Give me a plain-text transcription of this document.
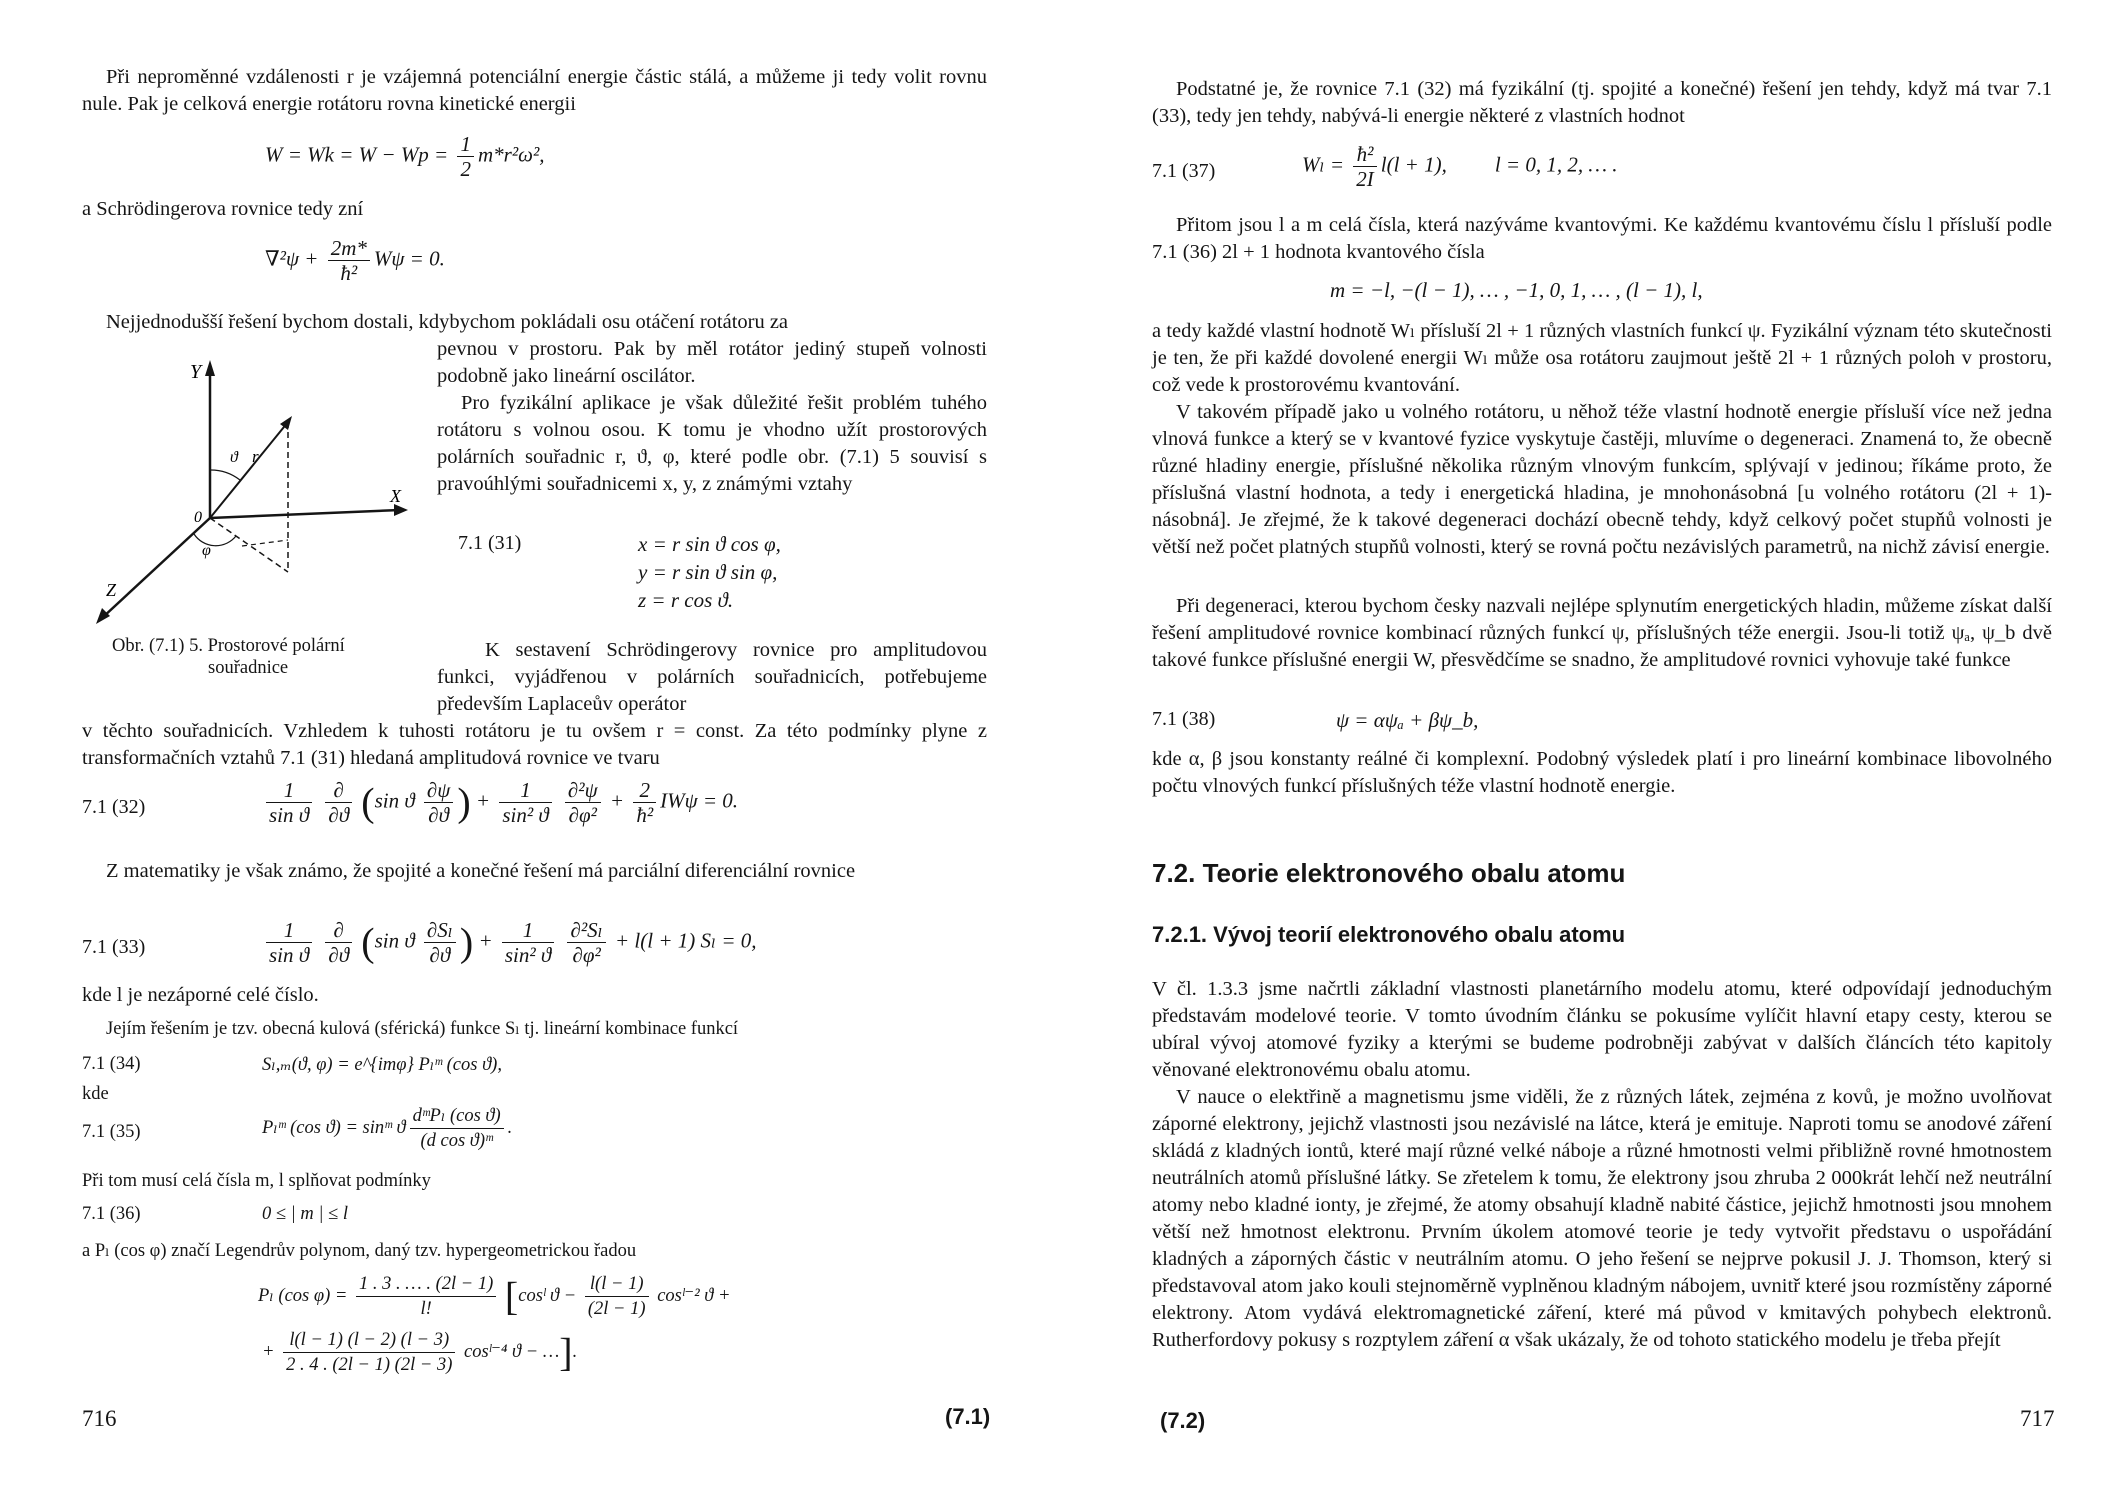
Při neproměnné vzdálenosti r je vzájemná potenciální energie částic stálá, a můžeme ji tedy volit rovnu nule. Pak je celková energie rotátoru rovna kinetické energii
$W = Wk = W - Wp = \frac{1}{2} m*r^2\omega^2$,
a Schrödingerova rovnice tedy zní
$\nabla^2\psi + \frac{2m*}{\text{ħ²}}$ Wψ = 0.
Nejjednodušší řešení bychom dostali, kdybychom pokládali osu otáčení rotátoru za
pevnou v prostoru. Pak by měl rotátor jediný stupeň volnosti podobně jako lineární oscilátor.
Pro fyzikální aplikace je však důležité řešit problém tuhého rotátoru s volnou osou. K tomu je vhodno užít prostorových polárních souřadnic r, ϑ, φ, které podle obr. (7.1) 5 souvisí s pravoúhlými souřadnicemi x, y, z známými vztahy
Y
X
Z
0
r
ϑ
φ	7.1 (31)	x = r sin ϑ cos φ,
y = r sin ϑ sin φ,
z = r cos ϑ.
Obr. (7.1) 5. Prostorové polární
souřadnice
K sestavení Schrödingerovy rovnice pro amplitudovou funkci, vyjádřenou v polárních souřadnicích, potřebujeme především Laplaceův operátor
v těchto souřadnicích. Vzhledem k tuhosti rotátoru je tu ovšem r = const. Za této podmínky plyne z transformačních vztahů 7.1 (31) hledaná amplitudová rovnice ve tvaru
7.1 (32)	$\frac{1}{\text{sin ϑ}}$
$\frac{\partial}{\partial ϑ} (\sin$ ϑ $\frac{\partial\psi}{\partial ϑ}$ ) + $\frac{1}{\text{sin² ϑ}}$
$\frac{\text{∂²ψ}}{\text{∂φ²}} + \frac{2}{\text{ħ²}}$ IWψ = 0.
Z matematiky je však známo, že spojité a konečné řešení má parciální diferenciální rovnice
7.1 (33)	$\frac{1}{\text{sin ϑ}}$
$\frac{\partial}{\partial ϑ} (\sin$ ϑ $\frac{\text{∂Sₗ}}{\partial ϑ}$ ) + $\frac{1}{\text{sin² ϑ}}$
$\frac{\text{∂²Sₗ}}{\text{∂φ²}} + l(l + 1) S_l = 0$,
kde l je nezáporné celé číslo.
Jejím řešením je tzv. obecná kulová (sférická) funkce Sₗ tj. lineární kombinace funkcí
7.1 (34)	Sₗ,ₘ(ϑ, φ) = e^{imφ} Pₗᵐ (cos ϑ),
kde
7.1 (35)	Pₗᵐ (cos ϑ) = sinᵐ ϑ $\frac{\text{dᵐPₗ (cos ϑ)}}{\text{(d cos ϑ)ᵐ}}$ .
Při tom musí celá čísla m, l splňovat podmínky
7.1 (36)	0 ≤ | m | ≤ l
a Pₗ (cos φ) značí Legendrův polynom, daný tzv. hypergeometrickou řadou
Pₗ (cos $\varphi) = \frac{1 . 3 . \dots . (2l - 1)}{l!}$ [cosˡ $ϑ - \frac{l(l - 1)}{(2l - 1)}$ cosˡ⁻² ϑ +
+ $\frac{l(l - 1) (l - 2) (l - 3)}{2 . 4 . (2l - 1) (2l - 3)}$ cosˡ⁻⁴ ϑ − …].
716	(7.1)
Podstatné je, že rovnice 7.1 (32) má fyzikální (tj. spojité a konečné) řešení jen tehdy, když má tvar 7.1 (33), tedy jen tehdy, nabývá-li energie některé z vlastních hodnot
7.1 (37)	$W_l = \frac{\text{ħ²}}{2I} l(l + 1)$, l = 0, 1, 2, … .
Přitom jsou l a m celá čísla, která nazýváme kvantovými. Ke každému kvantovému číslu l přísluší podle 7.1 (36) 2l + 1 hodnota kvantového čísla
m = −l, −(l − 1), … , −1, 0, 1, … , (l − 1), l,
a tedy každé vlastní hodnotě Wₗ přísluší 2l + 1 různých vlastních funkcí ψ. Fyzikální význam této skutečnosti je ten, že při každé dovolené energii Wₗ může osa rotátoru zaujmout ještě 2l + 1 různých poloh v prostoru, což vede k prostorovému kvantování.
V takovém případě jako u volného rotátoru, u něhož téže vlastní hodnotě energie přísluší více než jedna vlnová funkce a který se v kvantové fyzice vyskytuje častěji, mluvíme o degeneraci. Znamená to, že obecně různé hladiny energie, příslušné několika různým vlnovým funkcím, splývají v jedinou; říkáme proto, že příslušná vlastní hodnota, a tedy i energetická hladina, je mnohonásobná [u volného rotátoru (2l + 1)-násobná]. Je zřejmé, že k takové degeneraci dochází obecně tehdy, když celkový počet stupňů volnosti je větší než počet platných stupňů volnosti, který se rovná počtu nezávislých parametrů, na nichž závisí energie.
Při degeneraci, kterou bychom česky nazvali nejlépe splynutím energetických hladin, můžeme získat další řešení amplitudové rovnice kombinací různých funkcí ψ, příslušných téže energii. Jsou-li totiž ψₐ, ψ_b dvě takové funkce příslušné energii W, přesvědčíme se snadno, že amplitudové rovnici vyhovuje také funkce
7.1 (38)	ψ = αψₐ + βψ_b,
kde α, β jsou konstanty reálné či komplexní. Podobný výsledek platí i pro lineární kombinace libovolného počtu vlnových funkcí příslušných téže vlastní hodnotě energie.
7.2. Teorie elektronového obalu atomu
7.2.1. Vývoj teorií elektronového obalu atomu
V čl. 1.3.3 jsme načrtli základní vlastnosti planetárního modelu atomu, které odpovídají jednoduchým představám modelové teorie. V tomto úvodním článku se pokusíme vylíčit hlavní etapy cesty, kterou se ubíral vývoj atomové fyziky a kterými se budeme podrobněji zabývat v dalších článcích této kapitoly věnované elektronovému obalu atomu.
V nauce o elektřině a magnetismu jsme viděli, že z různých látek, zejména z kovů, je možno uvolňovat záporné elektrony, jejichž vlastnosti jsou nezávislé na látce, která je emituje. Naproti tomu se anodové záření skládá z kladných iontů, které mají různé velké náboje a různé hmotnosti velmi přibližně rovné hmotnostem neutrálních atomů příslušné látky. Se zřetelem k tomu, že elektrony jsou zhruba 2 000krát lehčí než neutrální atomy nebo kladné ionty, je zřejmé, že atomy obsahují kladně nabité částice, jejichž hmotnosti jsou mnohem větší než hmotnost elektronu. Prvním úkolem atomové teorie je tedy vytvořit představu o uspořádání kladných a záporných částic v neutrálním atomu. O jeho řešení se nejprve pokusil J. J. Thomson, který si představoval atom jako kouli stejnoměrně vyplněnou kladným nábojem, uvnitř které jsou rozmístěny záporné elektrony. Atom vydává elektromagnetické záření, které má původ v kmitavých pohybech elektronů. Rutherfordovy pokusy s rozptylem záření α však ukázaly, že od tohoto statického modelu je třeba přejít
(7.2)	717
